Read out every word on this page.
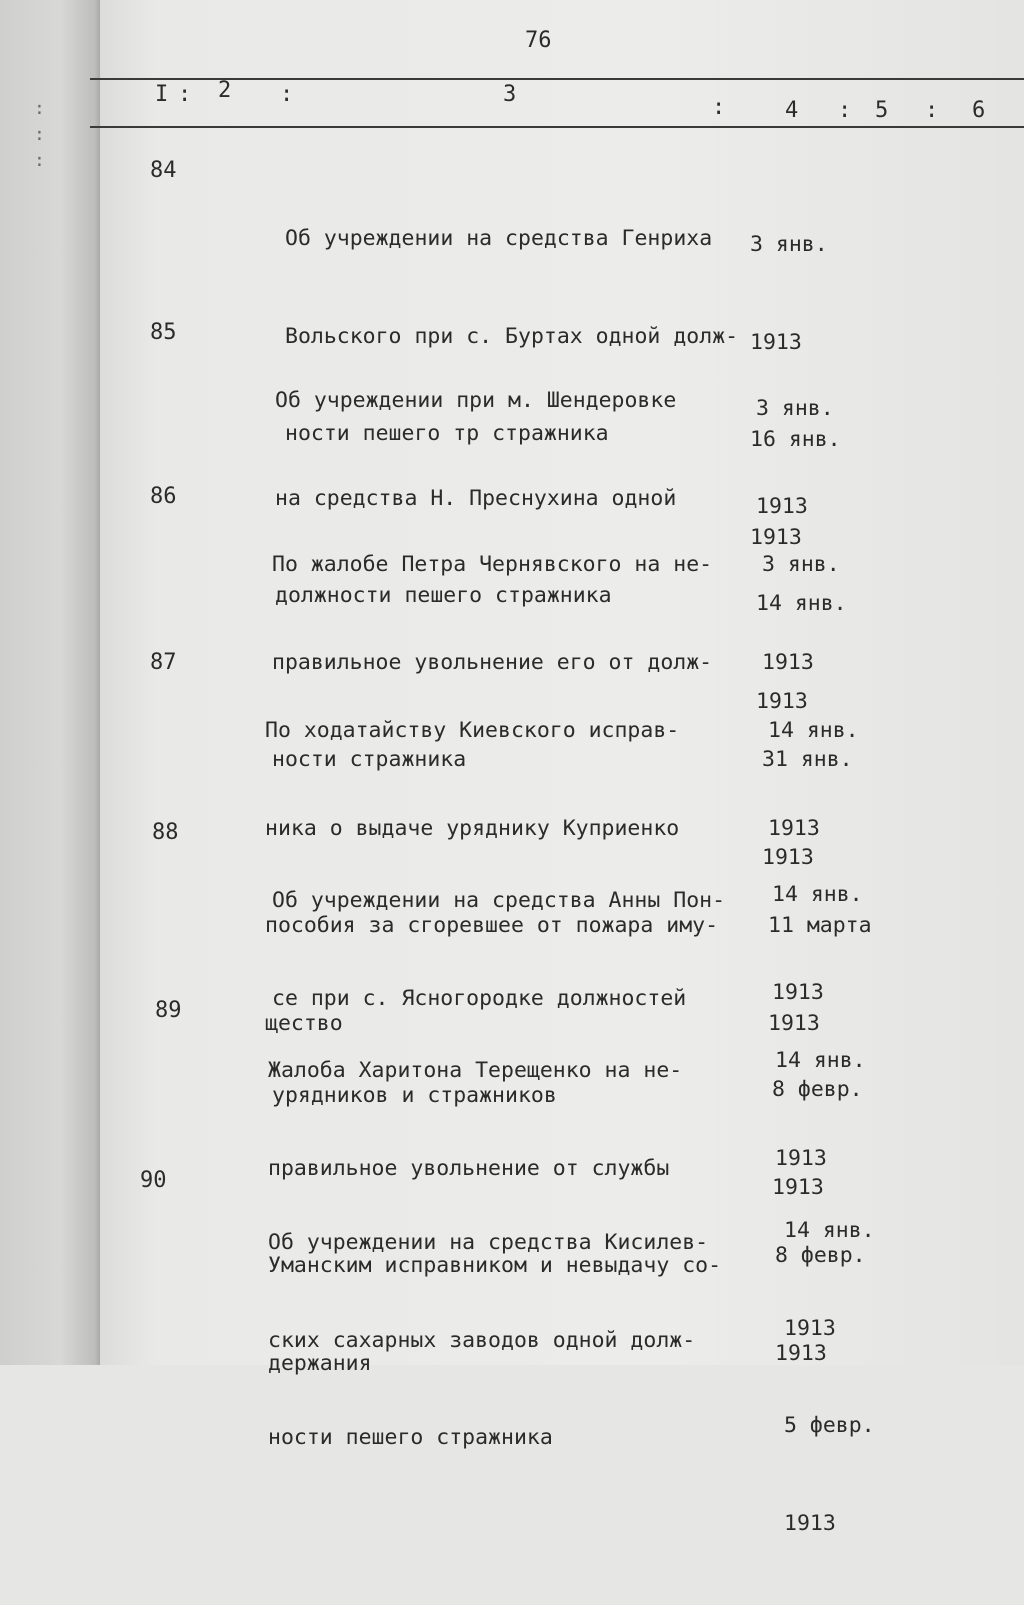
:
:
:
76
I : 2 :	3
:	4 : 5 : 6
84

Об учреждении на средства Генриха

Вольского при с. Буртах одной долж-

ности пешего тр стражника

3 янв.

1913

16 янв.

1913

85

Об учреждении при м. Шендеровке

на средства Н. Преснухина одной

должности пешего стражника

3 янв.

1913

14 янв.

1913

86

По жалобе Петра Чернявского на не-

правильное увольнение его от долж-

ности стражника

3 янв.

1913

31 янв.

1913

87

По ходатайству Киевского исправ-

ника о выдаче уряднику Куприенко

пособия за сгоревшее от пожара иму-

щество

14 янв.

1913

11 марта

1913

88

Об учреждении на средства Анны Пон-

се при с. Ясногородке должностей

урядников и стражников

14 янв.

1913

8 февр.

1913

89

Жалоба Харитона Терещенко на не-

правильное увольнение от службы

Уманским исправником и невыдачу со-

держания

14 янв.

1913

8 февр.

1913

90

Об учреждении на средства Кисилев-

ских сахарных заводов одной долж-

ности пешего стражника

14 янв.

1913

5 февр.

1913
